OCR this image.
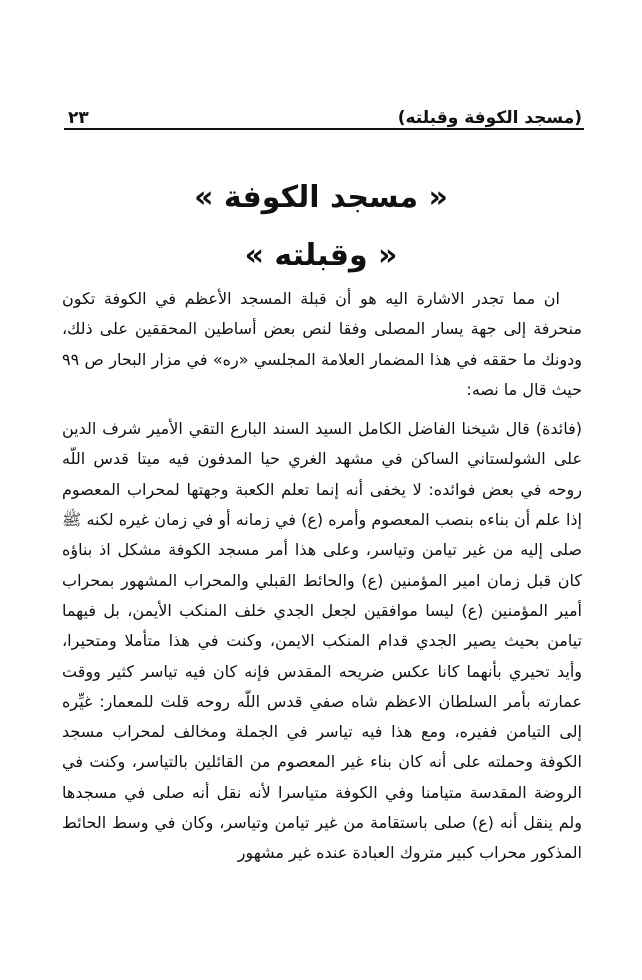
(مسجد الكوفة وقبلته)
٢٣
« مسجد الكوفة »
« وقبلته »

ان مما تجدر الاشارة اليه هو أن قبلة المسجد الأعظم في الكوفة تكون منحرفة إلى جهة يسار المصلى وفقا لنص بعض أساطين المحققين على ذلك، ودونك ما حققه في هذا المضمار العلامة المجلسي «ره» في مزار البحار ص ٩٩ حيث قال ما نصه:

(فائدة) قال شيخنا الفاضل الكامل السيد السند البارع التقي الأمير شرف الدين على الشولستاني الساكن في مشهد الغري حيا المدفون فيه ميتا قدس اللّه روحه في بعض فوائده: لا يخفى أنه إنما تعلم الكعبة وجهتها لمحراب المعصوم إذا علم أن بناءه بنصب المعصوم وأمره (ع) في زمانه أو في زمان غيره لكنه ﷺ صلى إليه من غير تيامن وتياسر، وعلى هذا أمر مسجد الكوفة مشكل اذ بناؤه كان قبل زمان امير المؤمنين (ع) والحائط القبلي والمحراب المشهور بمحراب أمير المؤمنين (ع) ليسا موافقين لجعل الجدي خلف المنكب الأيمن، بل فيهما تيامن بحيث يصير الجدي قدام المنكب الايمن، وكنت في هذا متأملا ومتحيرا، وأيد تحيري بأنهما كانا عكس ضريحه المقدس فإنه كان فيه تياسر كثير ووقت عمارته بأمر السلطان الاعظم شاه صفي قدس اللّه روحه قلت للمعمار: غيِّره إلى التيامن ففيره، ومع هذا فيه تياسر في الجملة ومخالف لمحراب مسجد الكوفة وحملته على أنه كان بناء غير المعصوم من القائلين بالتياسر، وكنت في الروضة المقدسة متيامنا وفي الكوفة متياسرا لأنه نقل أنه صلى في مسجدها ولم ينقل أنه (ع) صلى باستقامة من غير تيامن وتياسر، وكان في وسط الحائط المذكور محراب كبير متروك العبادة عنده غير مشهور
